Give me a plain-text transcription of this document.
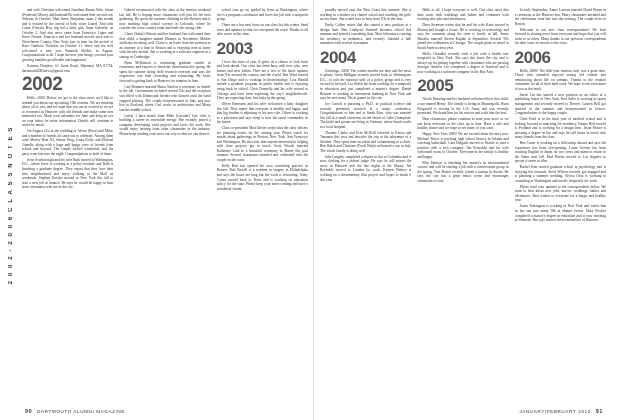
2 0 0 2 - 2 0 0 6 C L A S S N O T E S

and wife Christina welcomed Jonathan Abram Weir. Susan (Pedersen) Maxey and husband Bo welcomed their second son, Sebrion, in October. Matt Stern, Benjamin, turns 2 this month and is excited by the arrival of baby sister Laurel. And with Laura (Ostryk) Hsu, big kid a baby girl, Anna Gabriela, on October 2. And also news came from Francisco Lopes and Steve Norton. Francisco and her husband moved back east to Westchester County, New York, just in time for the arrival of Kate Charlotte Nicholas on October 21. Steve and his wife welcomed a new son, Kenneth Shelby, in August. Congratulations to all. I hope the new year brings you and your growing families good health and happiness!

Kristina Flanders, 61 Great Road, Maynard, MA 01754; dartmouth2002news@gmail.com

2002

Hello, 2002! Before we get to the class news we'd like to remind you about our upcoming 10th reunion. We are thinking about all of you, and we hope that you are as excited as we are to reconnect in Hanover with old friends and make some new memories too. Mark your calendars for June and keep an eye on your inbox for more information. Details will continue to arrive by email.

On August 21st at the wedding of Alexis (Ross) and Mike, and a number of friends all came out to celebrate. Among them were Morley Baer '02, Simon Yeng, Laura Kelly, and Michael Grandis, along with a large and happy crew of friends from school and beyond. The couple looked wonderful, and the party went late into the night. Congratulations to both of them.

Jesse Scarborough and his wife Ruth moved to Washington, D.C., where Jesse is working at a policy institute and Ruth is finishing a graduate degree. They report that they love their new neighborhood and enjoy walking to the Mall on weekends. Stephen Kessler moved to New York this fall to start a new job in finance. He says he would be happy to hear from classmates who are in the city.

Gabriel reconnected with the class at the reunion weekend last fall. He is hoping more classmates will join for the next gathering. He spent the summer climbing in the Rockies and is now teaching high school science in Colorado, where he coaches the cross-country team and leads the outing club.

Claire (Sakai) Watson and her husband Jim welcomed their first child, a daughter named Eleanor, in November. Mother and baby are doing well. Claire is on leave from her position as an attorney at a firm in Boston and is enjoying time at home with the new arrival. Jim is working as a software engineer at a startup in Cambridge.

Ryan McKinnon is continuing graduate studies in economics and expects to finish his dissertation this spring. He spent the summer doing field research overseas and says the experience was both rewarding and exhausting. He looks forward to getting back to Hanover for reunion in June.

Carl Bommer married Maria Nash in a ceremony in Seattle in the fall. Groomsmen included several '02s and the reception was filled with Dartmouth friends who danced until the band stopped playing. The couple honeymooned in Italy and now live in Portland, where Carl works in architecture and Maria teaches middle school.

Lately I have heard from Mike (Lassiter) Lee, who is building a career in renewable energy. She recently joined a company developing wind projects and loves the work. She would enjoy hearing from other classmates in the industry. Please keep sending your news our way so that we can share it.

school year go on, guided by Jesus at Washington, where she is a program coordinator and loves her job with a nonprofit group.

There are a few new faces on our class list this winter. Send news and updates so that we can spread the word. Thanks to all who wrote in this time.

2003

I love this time of year. It gives us a chance to look back and look ahead. Our class has been busy with new jobs, new homes and new babies. Here are a few of the latest updates from '03s around the country and the world. Ben Ward moved to San Diego and is working in biotechnology. Lisa Hamill started a graduate program in public health and is enjoying being back in school. Chris Donnelly and his wife moved to Chicago and have been exploring the city's neighborhoods. They are expecting their first baby in the spring.

Oliver Bernstein and his wife welcomed a baby daughter this fall. They report that everyone is healthy and happy, and that big brother is adjusting to his new role. Oliver is working as a physician and says sleep is now the rarest commodity in the house.

Class co-president Matt Davies writes that the class officers are planning events for the coming year. Please watch for emails about gatherings in Boston, New York, San Francisco and Washington. He also asks that anyone interested in helping with class projects get in touch. Scott Woods married Katherine Lind in a beautiful ceremony in Maine this past summer. Several classmates attended and celebrated with the couple on the coast.

Kelly Hart has opened her own consulting practice in Denver. Rob Newell is a resident in surgery in Philadelphia and says the hours are long but the work is rewarding. Jenny Cortez moved back to Texas and is working on education policy for the state. Please keep your notes coming and have a wonderful winter.

90 DARTMOUTH ALUMNI MAGAZINE

proudly moved onto the West Coast this summer. She is working as a teacher at a charter school and coaching the girls' soccer team. She would love to hear from '03s in the area.

Emily Cullen writes that she started a new position at a design firm. Ben Lindqvist finished business school this summer and joined a consulting firm. Matt Schwartz is starting his residency in pediatrics, and recently finished a half marathon with several classmates.

2004

Greetings, 2004! The winter months are here and the news is plenty. Greta Milligan recently moved back to Washington, D.C., to join the national staff of a policy group and is very excited to be back. Liz Walsh has been working for a nonprofit in education and just completed a master's degree. Daniel Brenner is working in investment banking in New York and says he sees many '04s at games in the city.

Joe Carroll is pursuing a Ph.D. in political science and recently presented research at a major conference. Congratulations to him and to Sarah Kim, who was married last fall in a small ceremony on the shores of Lake Champlain. The bride and groom are living in Vermont, where Sarah works at a local hospital.

Thomas Clarke and Erin McNeill traveled to Kenya and Tanzania this year and describe the trip as the adventure of a lifetime. They spent time on safari and volunteering at a clinic. Ben Walsh and Christine (Ford) Walsh welcomed a son in July. The whole family is doing well.

Jake Langley completed a degree in law at Columbia and is now clerking for a federal judge. He says he still misses the snow in Hanover and the late nights at the library. Jen Reynolds moved to London for work. Kristen Walters is working on a documentary film project and hopes to finish it this year.

Hello to all. I hope everyone is well. Our class news this time starts with weddings and babies and continues with exciting new jobs and adventures.

Dave Swenson writes that he and his wife Katie moved to Boston and bought a house. He is working in technology and says the commute along the river is lovely in fall. Jenny Morales married Steven Kaplan in September. Several '05s joined the celebration in Chicago. The couple plans to travel to South America next year.

Molly Chandler recently took a job with a health care nonprofit in New York. She says she loves the city and is always up for getting together with classmates who are passing through. Andrew Lin completed a degree at Stanford and is now working at a software company in the Bay Area.

2005

Nicole Dunning and her husband welcomed their first child, a son named Henry. The family is living in Minneapolis. Ryan Fitzgerald is serving in the U.S. Army and was recently promoted. We thank him for his service and wish him the best.

Dear classmates, please continue to send your news so we can keep everyone in the class up to date. Have a safe and healthy winter and we hope to see many of you soon.

Happy New Year, 2005! We are excited about the next year. Michael Reyes is teaching high school history in Atlanta and coaching basketball. Cara Delgado moved to Seattle to start a position with a tech company. Jim Kowalski and his wife welcomed twins in October. Everyone in the family is healthy and happy.

Ellie Hanson is finishing her master's in environmental science and will be starting a job with a conservation group in the spring. Tom Baxter recently joined a startup in Austin. He says the city has a great music scene and encourages classmates to visit.

In early September, Annie Lawton married David Bryan in a ceremony at the Hanover Inn. Many classmates attended and the celebration went late into the evening. The couple lives in Boston.

Welcome to our new class correspondents! We look forward to sharing news from everyone and hope that you will write to us often. Many thanks to our previous correspondents for their years of service to the class.

2006

Hello, 2006! The fifth-year reunion truly was a great time. Those who attended enjoyed seeing old friends and reminiscing about life on campus. Thanks to the reunion committee for all of their hard work. We hope to see even more of you at the tenth.

Sarah Lin has started a new position as an editor at a publishing house in New York. Ken Adler is working in sports management and recently moved to Denver. Lauren Bell got married in the summer and honeymooned in Greece. Congratulations to the happy couple.

Chris Patel is in his final year of medical school and is looking forward to matching for residency. Emma Holt moved to Portland and is working for a design firm. Jason Moore is pursuing a degree in law and says he still keeps in touch with many friends from the class.

Ben Carter is working on a fellowship abroad and says the experience has been eye-opening. Laura Greene has been teaching English in Japan for two years and plans to return to the States next fall. Paul Davies moved to Los Angeles to pursue a career in film.

Rachel Kim started graduate school in psychology and is enjoying her research. Steve Wilson recently got engaged and is planning a summer wedding. Alyssa Ortiz is working in consulting in Washington and travels frequently for work.

Please send your updates to the correspondents below. We want to hear about new jobs, moves, weddings, babies and adventures. Best wishes to everyone for a happy and healthy year.

Justin Tarkington is working in New York and writes that he has run into many '06s at alumni events. Mary Fischer completed a master's degree in education and is now teaching in Vermont. She says winters there remind her of Hanover.

JANUARY/FEBRUARY 2012 91
